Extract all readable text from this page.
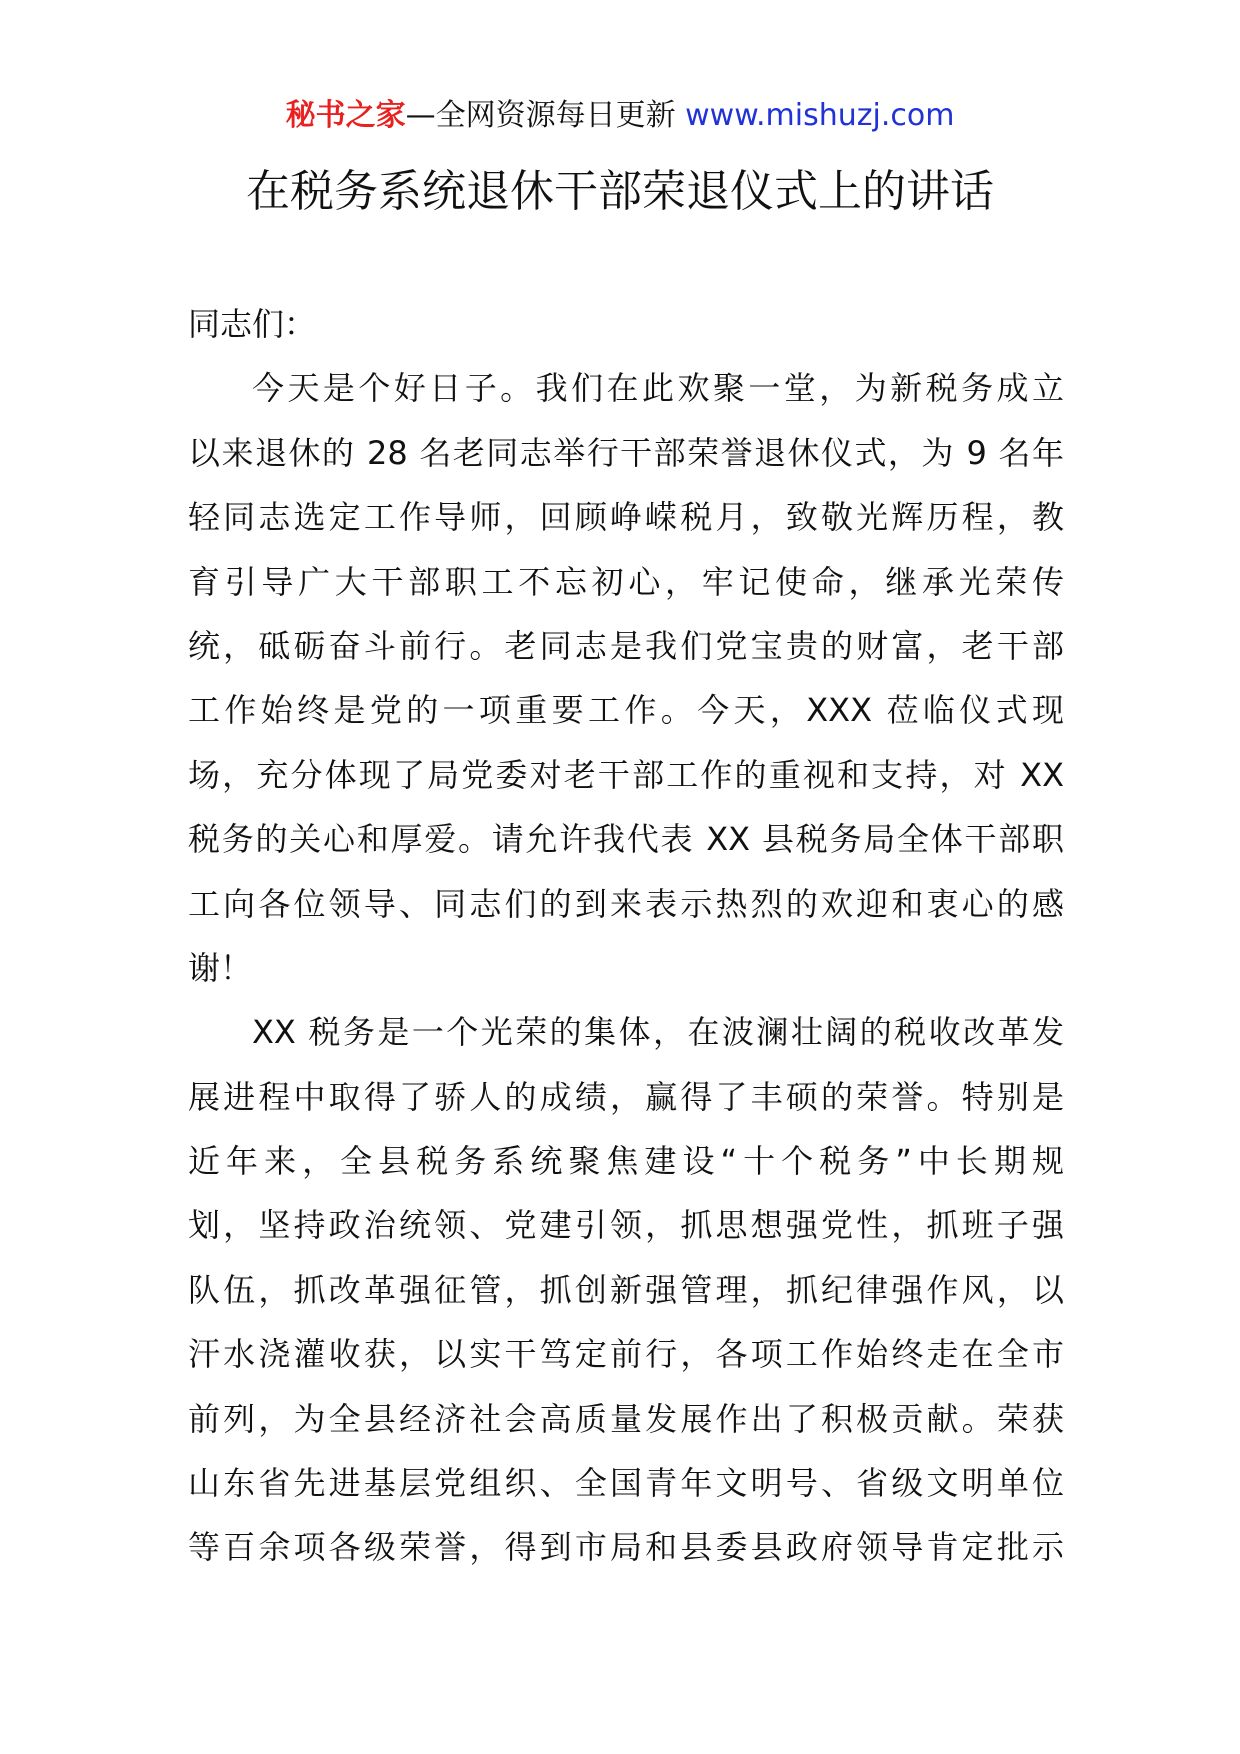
秘书之家—全网资源每日更新 www.mishuzj.com
在税务系统退休干部荣退仪式上的讲话
同志们：
今天是个好日子。我们在此欢聚一堂，为新税务成立
以来退休的 28 名老同志举行干部荣誉退休仪式，为 9 名年
轻同志选定工作导师，回顾峥嵘税月，致敬光辉历程，教
育引导广大干部职工不忘初心，牢记使命，继承光荣传
统，砥砺奋斗前行。老同志是我们党宝贵的财富，老干部
工作始终是党的一项重要工作。今天，XXX 莅临仪式现
场，充分体现了局党委对老干部工作的重视和支持，对 XX
税务的关心和厚爱。请允许我代表 XX 县税务局全体干部职
工向各位领导、同志们的到来表示热烈的欢迎和衷心的感
谢！
XX 税务是一个光荣的集体，在波澜壮阔的税收改革发
展进程中取得了骄人的成绩，赢得了丰硕的荣誉。特别是
近年来，全县税务系统聚焦建设“十个税务”中长期规
划，坚持政治统领、党建引领，抓思想强党性，抓班子强
队伍，抓改革强征管，抓创新强管理，抓纪律强作风，以
汗水浇灌收获，以实干笃定前行，各项工作始终走在全市
前列，为全县经济社会高质量发展作出了积极贡献。荣获
山东省先进基层党组织、全国青年文明号、省级文明单位
等百余项各级荣誉，得到市局和县委县政府领导肯定批示
